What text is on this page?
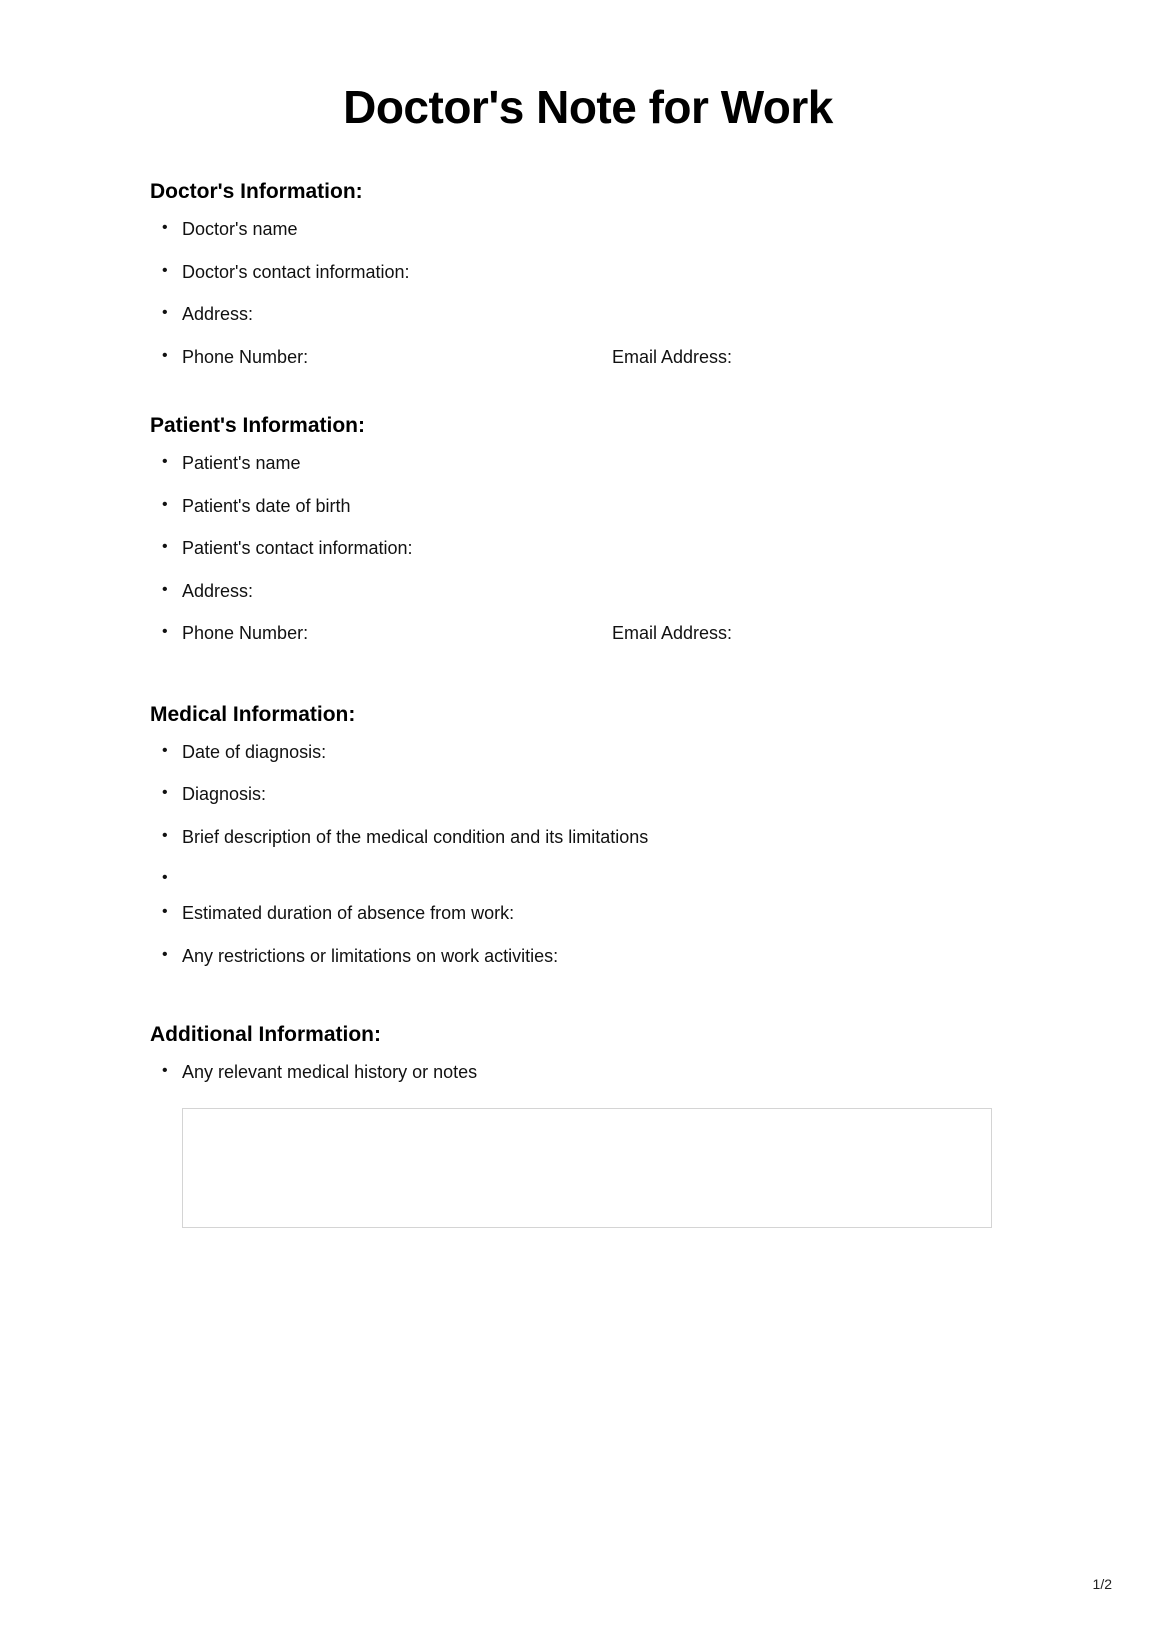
Doctor's Note for Work
Doctor's Information:
• Doctor's name
• Doctor's contact information:
• Address:
• Phone Number:	Email Address:
Patient's Information:
• Patient's name
• Patient's date of birth
• Patient's contact information:
• Address:
• Phone Number:	Email Address:
Medical Information:
• Date of diagnosis:
• Diagnosis:
• Brief description of the medical condition and its limitations
•
• Estimated duration of absence from work:
• Any restrictions or limitations on work activities:
Additional Information:
• Any relevant medical history or notes
1/2
